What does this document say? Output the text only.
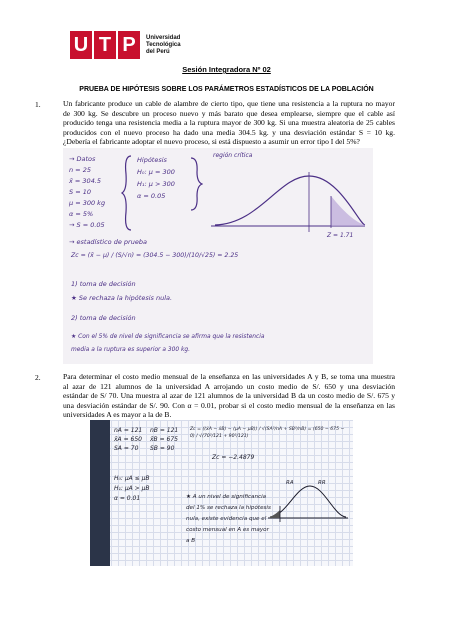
U T P	Universidad
Tecnológica
del Perú
Sesión Integradora Nº 02
PRUEBA DE HIPÓTESIS SOBRE LOS PARÁMETROS ESTADÍSTICOS DE LA POBLACIÓN
1.	Un fabricante produce un cable de alambre de cierto tipo, que tiene una resistencia a la ruptura no mayor
de 300 kg. Se descubre un proceso nuevo y más barato que desea emplearse, siempre que el cable así
producido tenga una resistencia media a la ruptura mayor de 300 kg. Si una muestra aleatoria de 25 cables
producidos con el nuevo proceso ha dado una media 304.5 kg. y una desviación estándar S = 10 kg.
¿Debería el fabricante adoptar el nuevo proceso, si está dispuesto a asumir un error tipo I del 5%?
→ Datos
n = 25
x̄ = 304.5
S = 10
μ = 300 kg
α = 5%
→ S = 0.05
Hipótesis
H₀: μ = 300
H₁: μ > 300
α = 0.05
región crítica
Z = 1.71
→ estadístico de prueba
Zc = (x̄ − μ) / (S/√n) = (304.5 − 300)/(10/√25) = 2.25
1) toma de decisión
★ Se rechaza la hipótesis nula.
2) toma de decisión
★ Con el 5% de nivel de significancia se afirma que la resistencia
media a la ruptura es superior a 300 kg.
2.	Para determinar el costo medio mensual de la enseñanza en las universidades A y B, se toma una muestra
al azar de 121 alumnos de la universidad A arrojando un costo medio de S/. 650 y una desviación
estándar de S/ 70. Una muestra al azar de 121 alumnos de la universidad B da un costo medio de S/. 675 y
una desviación estándar de S/. 90. Con α = 0.01, probar si el costo medio mensual de la enseñanza en las
universidades A es mayor a la de B.
nA = 121
x̄A = 650
SA = 70
nB = 121
x̄B = 675
SB = 90
Zc = ((x̄A − x̄B) − (μA − μB)) / √(SA²/nA + SB²/nB) = (650 − 675 − 0) / √(70²/121 + 90²/121)
Zc = −2.4879
H₀: μA ≤ μB
H₁: μA > μB
α = 0.01
RA	RR
★ A un nivel de significancia
del 1% se rechaza la hipótesis
nula, existe evidencia que el
costo mensual en A es mayor
a B
